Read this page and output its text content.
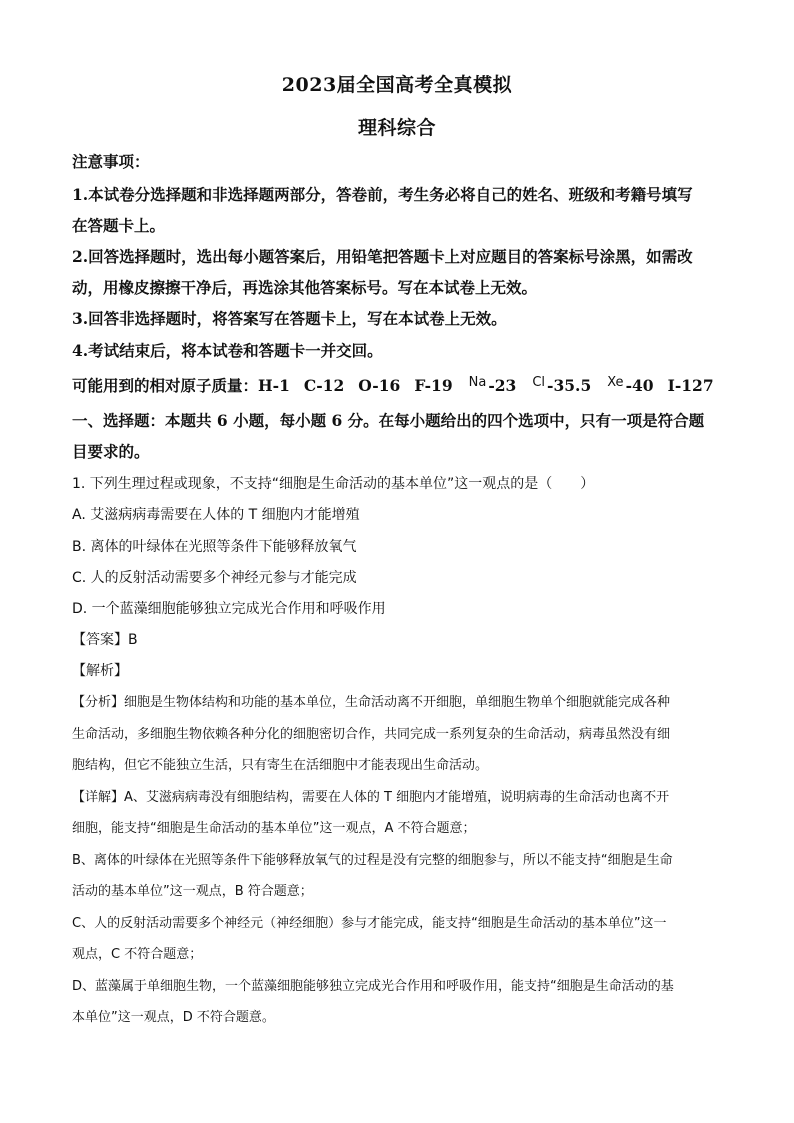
2023届全国高考全真模拟
理科综合
注意事项：
1.本试卷分选择题和非选择题两部分，答卷前，考生务必将自己的姓名、班级和考籍号填写
在答题卡上。
2.回答选择题时，选出每小题答案后，用铅笔把答题卡上对应题目的答案标号涂黑，如需改
动，用橡皮擦擦干净后，再选涂其他答案标号。写在本试卷上无效。
3.回答非选择题时，将答案写在答题卡上，写在本试卷上无效。
4.考试结束后，将本试卷和答题卡一并交回。
可能用到的相对原子质量：H-1 C-12 O-16 F-19 Na -23 Cl -35.5 Xe -40 I-127
一、选择题：本题共 6 小题，每小题 6 分。在每小题给出的四个选项中，只有一项是符合题
目要求的。
1. 下列生理过程或现象，不支持“细胞是生命活动的基本单位”这一观点的是（　　）
A. 艾滋病病毒需要在人体的 T 细胞内才能增殖
B. 离体的叶绿体在光照等条件下能够释放氧气
C. 人的反射活动需要多个神经元参与才能完成
D. 一个蓝藻细胞能够独立完成光合作用和呼吸作用
【答案】B
【解析】
【分析】细胞是生物体结构和功能的基本单位，生命活动离不开细胞，单细胞生物单个细胞就能完成各种
生命活动，多细胞生物依赖各种分化的细胞密切合作，共同完成一系列复杂的生命活动，病毒虽然没有细
胞结构，但它不能独立生活，只有寄生在活细胞中才能表现出生命活动。
【详解】A、艾滋病病毒没有细胞结构，需要在人体的 T 细胞内才能增殖，说明病毒的生命活动也离不开
细胞，能支持“细胞是生命活动的基本单位”这一观点，A 不符合题意；
B、离体的叶绿体在光照等条件下能够释放氧气的过程是没有完整的细胞参与，所以不能支持“细胞是生命
活动的基本单位”这一观点，B 符合题意；
C、人的反射活动需要多个神经元（神经细胞）参与才能完成，能支持“细胞是生命活动的基本单位”这一
观点，C 不符合题意；
D、蓝藻属于单细胞生物，一个蓝藻细胞能够独立完成光合作用和呼吸作用，能支持“细胞是生命活动的基
本单位”这一观点，D 不符合题意。
